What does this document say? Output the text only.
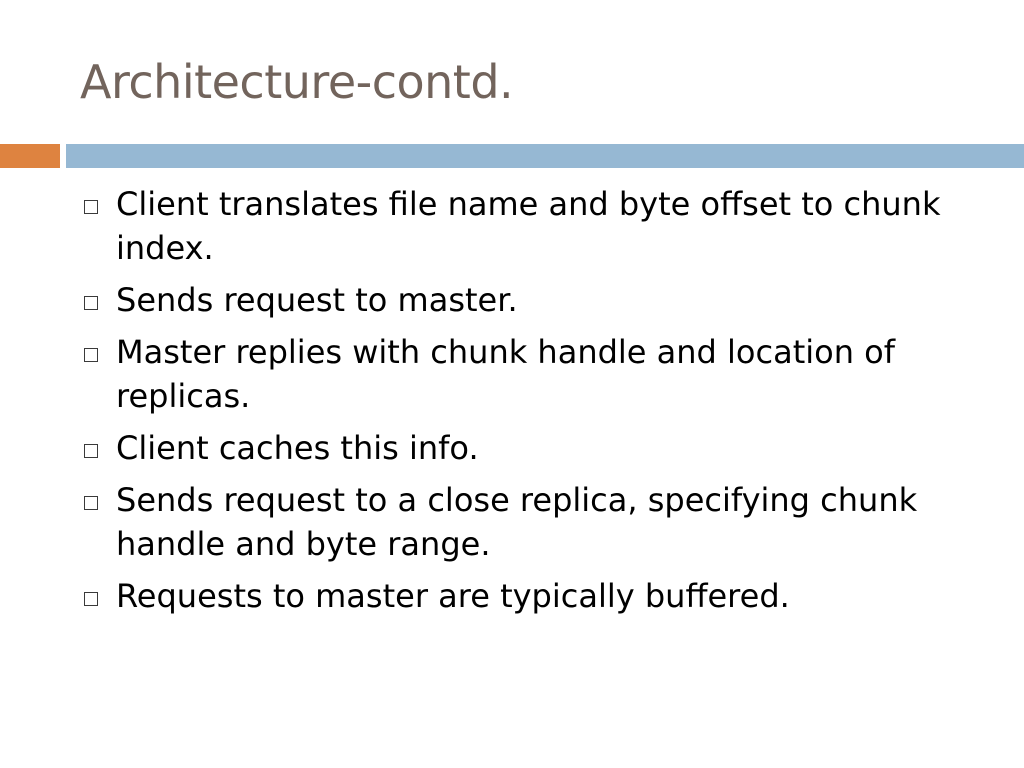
Architecture-contd.
Client translates file name and byte offset to chunk index.
Sends request to master.
Master replies with chunk handle and location of replicas.
Client caches this info.
Sends request to a close replica, specifying chunk handle and byte range.
Requests to master are typically buffered.
